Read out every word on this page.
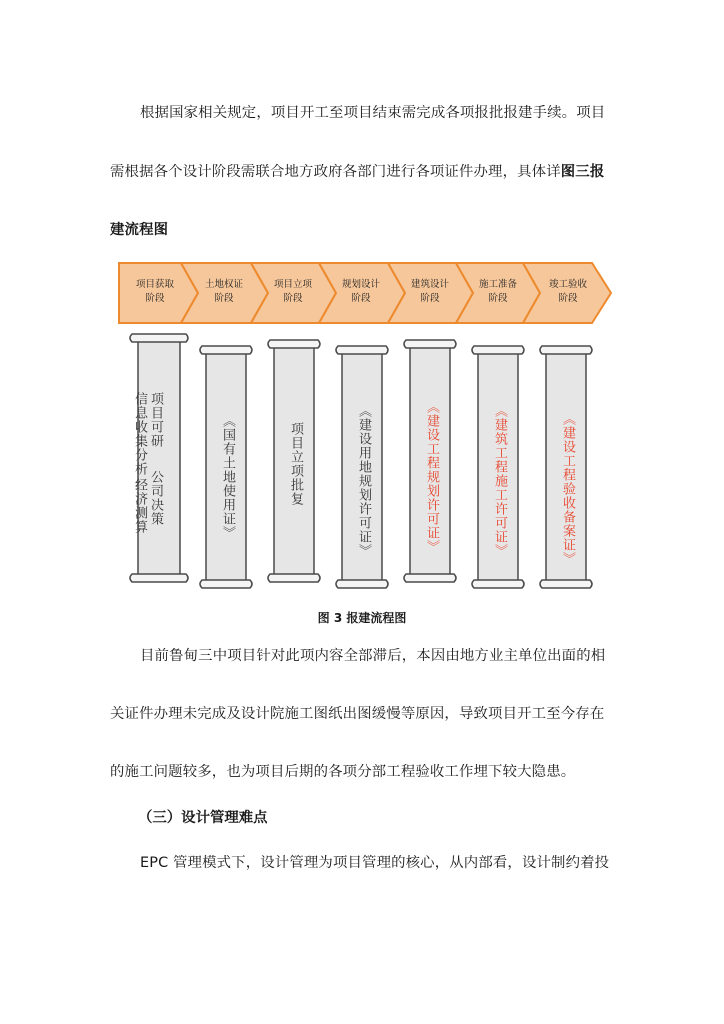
根据国家相关规定，项目开工至项目结束需完成各项报批报建手续。项目
需根据各个设计阶段需联合地方政府各部门进行各项证件办理，具体详图三报
建流程图
项目获取
阶段
土地权证
阶段
项目立项
阶段
规划设计
阶段
建筑设计
阶段
施工准备
阶段
竣工验收
阶段
项目可研
信息收集分析
公司决策
经济测算	《国有土地使用证》	项目立项批复	《建设用地规划许可证》	《建设工程规划许可证》	《建筑工程施工许可证》	《建设工程验收备案证》
图 3 报建流程图
目前鲁甸三中项目针对此项内容全部滞后，本因由地方业主单位出面的相
关证件办理未完成及设计院施工图纸出图缓慢等原因，导致项目开工至今存在
的施工问题较多，也为项目后期的各项分部工程验收工作埋下较大隐患。
（三）设计管理难点
EPC 管理模式下，设计管理为项目管理的核心，从内部看，设计制约着投
